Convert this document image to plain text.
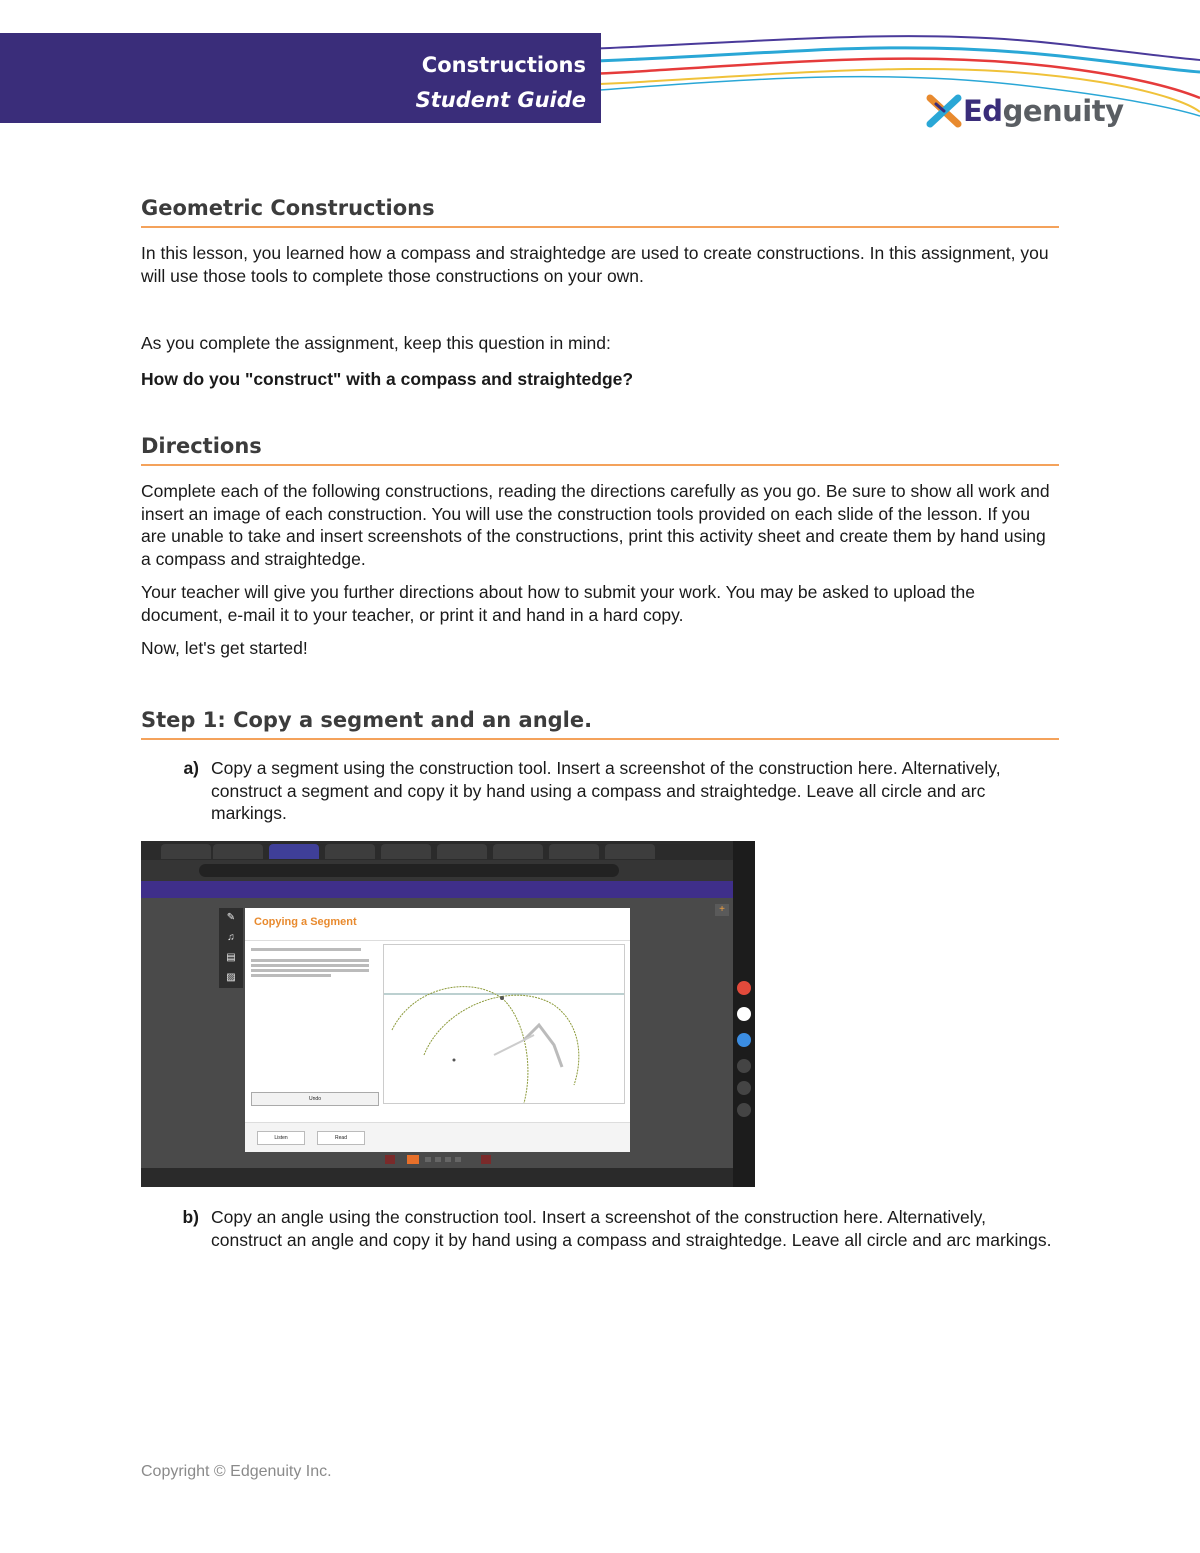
Constructions
Student Guide	Edgenuity
Geometric Constructions

In this lesson, you learned how a compass and straightedge are used to create constructions. In this assignment, you will use those tools to complete those constructions on your own.

As you complete the assignment, keep this question in mind:

How do you "construct" with a compass and straightedge?

Directions

Complete each of the following constructions, reading the directions carefully as you go. Be sure to show all work and insert an image of each construction. You will use the construction tools provided on each slide of the lesson. If you are unable to take and insert screenshots of the constructions, print this activity sheet and create them by hand using a compass and straightedge.

Your teacher will give you further directions about how to submit your work. You may be asked to upload the document, e-mail it to your teacher, or print it and hand in a hard copy.

Now, let's get started!

Step 1: Copy a segment and an angle.
a) Copy a segment using the construction tool. Insert a screenshot of the construction here. Alternatively, construct a segment and copy it by hand using a compass and straightedge. Leave all circle and arc markings.
✎
♫
▤
▨
+
Copying a Segment
Undo
Listen	Read
b) Copy an angle using the construction tool. Insert a screenshot of the construction here. Alternatively, construct an angle and copy it by hand using a compass and straightedge. Leave all circle and arc markings.
Copyright © Edgenuity Inc.
